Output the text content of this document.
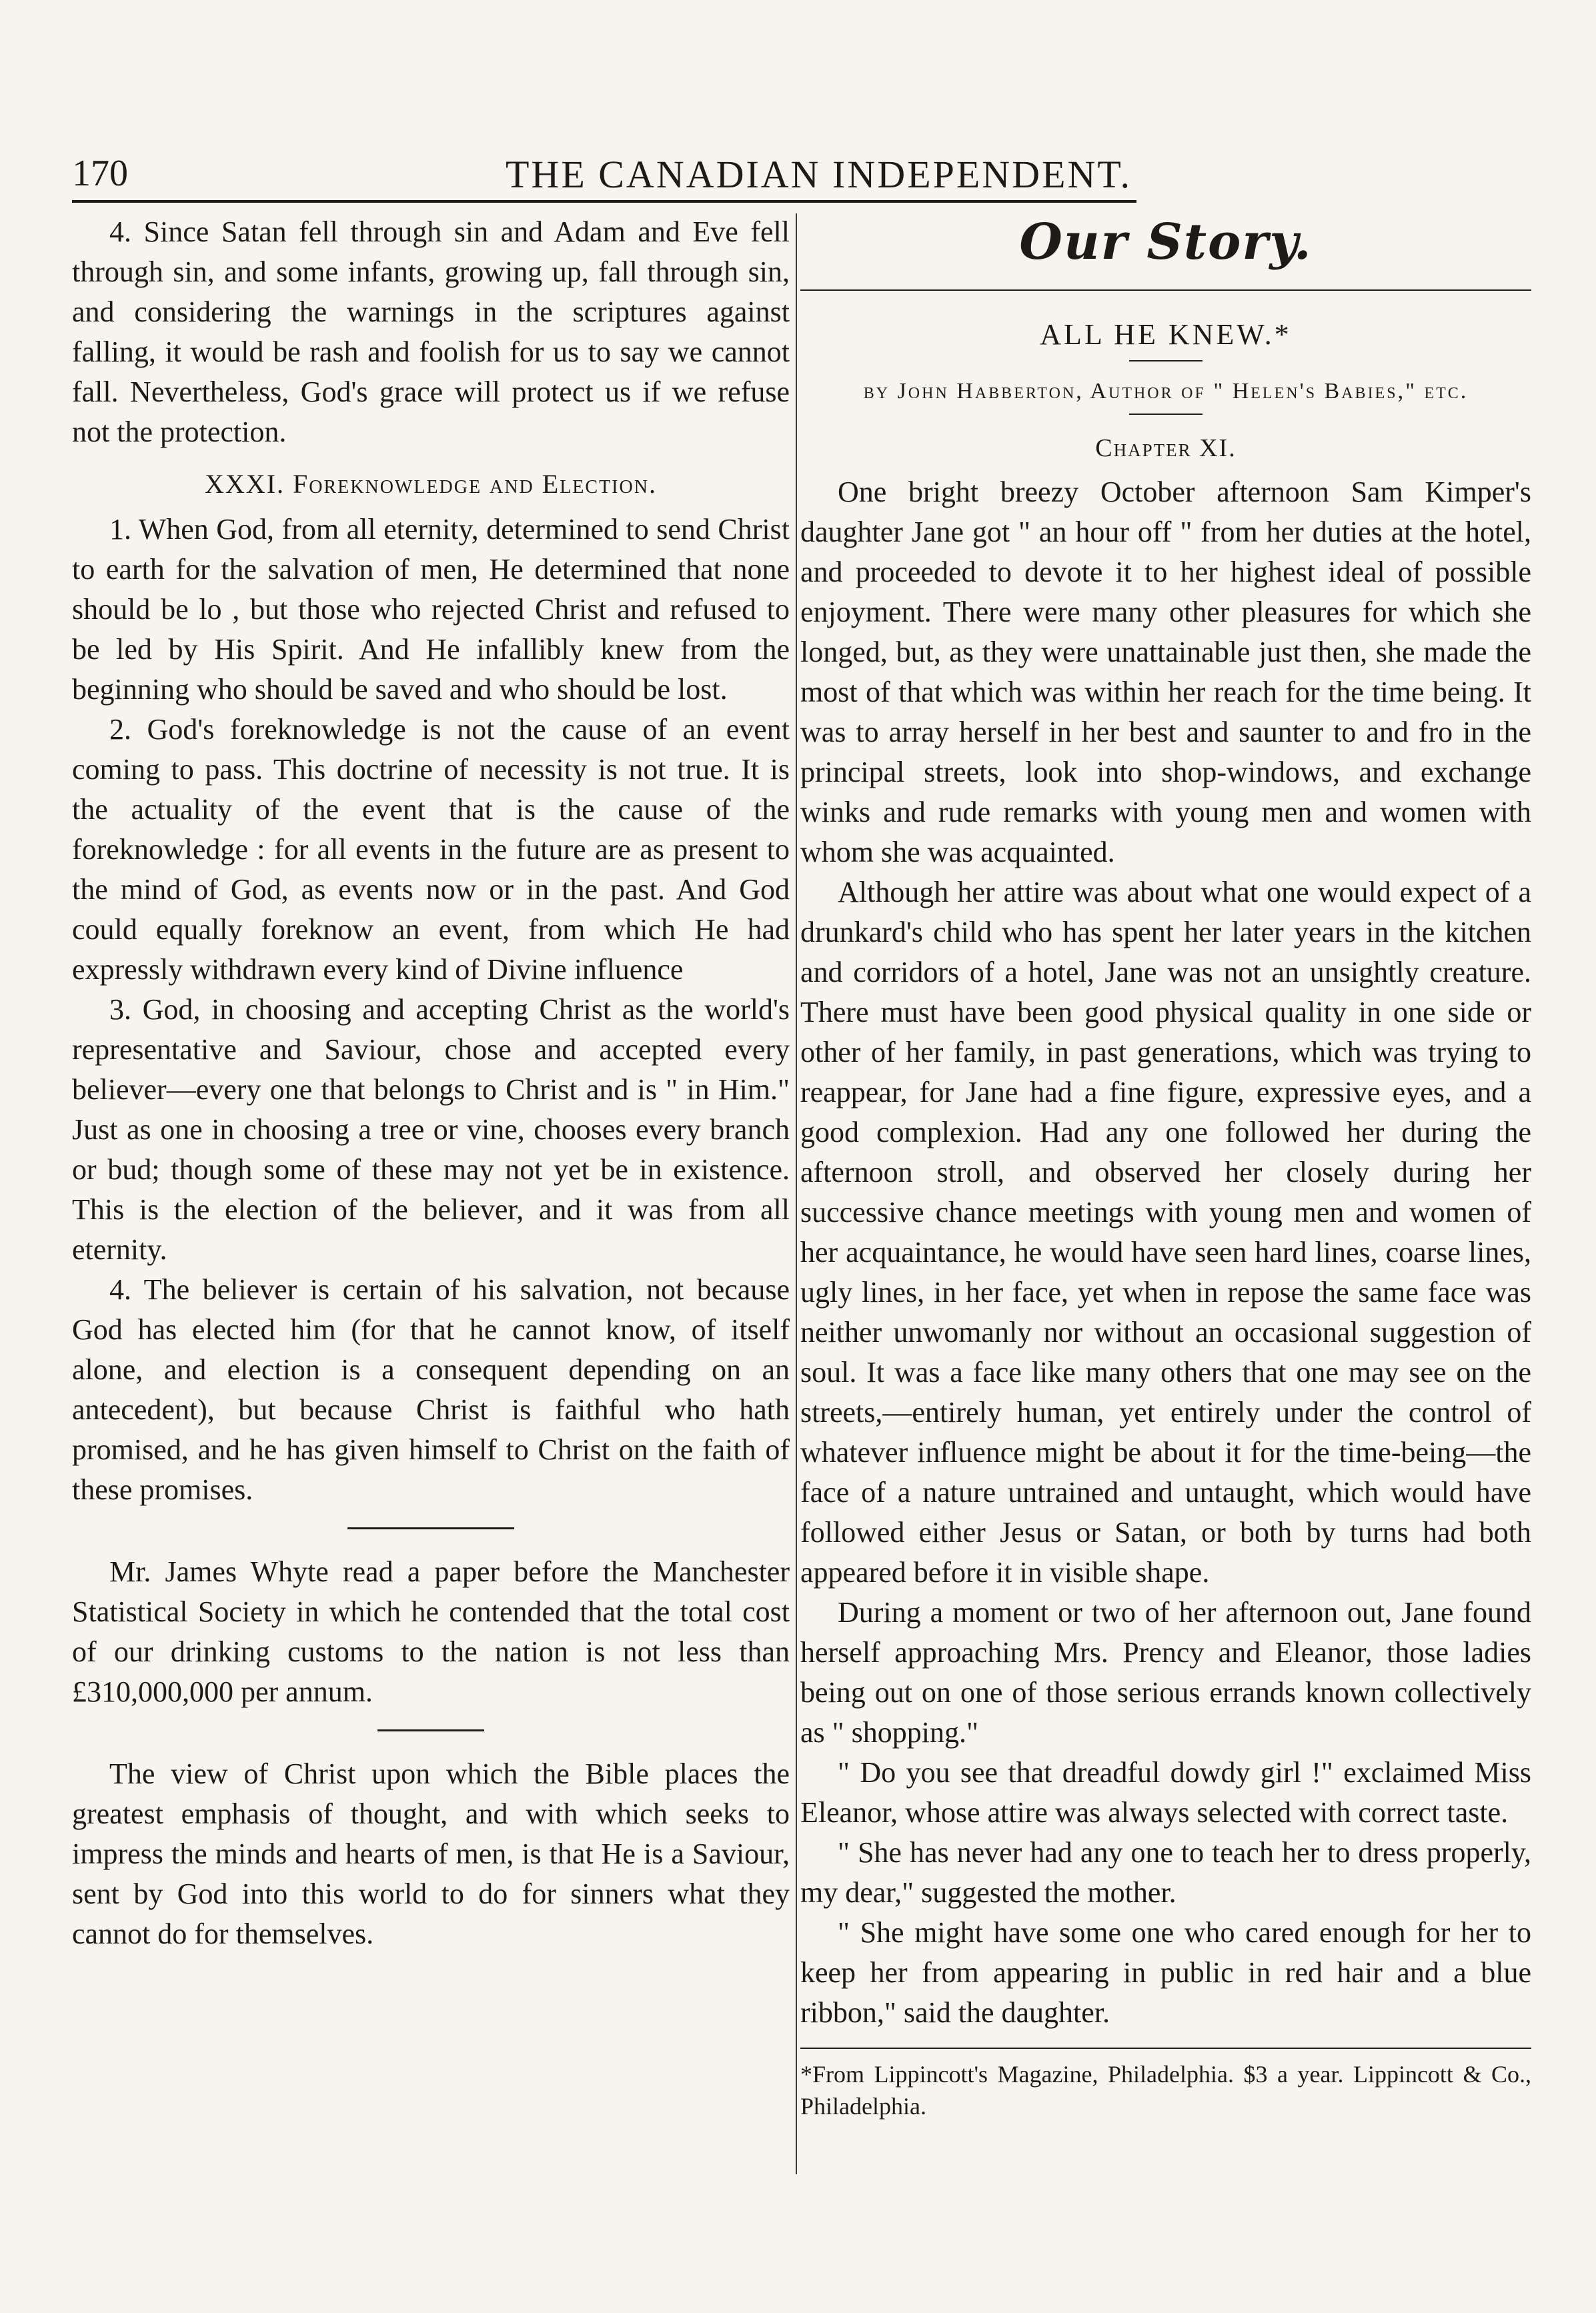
170	THE CANADIAN INDEPENDENT.

4. Since Satan fell through sin and Adam and Eve fell through sin, and some infants, growing up, fall through sin, and considering the warnings in the scriptures against falling, it would be rash and foolish for us to say we cannot fall. Nevertheless, God's grace will protect us if we refuse not the protection.

XXXI. Foreknowledge and Election.

1. When God, from all eternity, determined to send Christ to earth for the salvation of men, He determined that none should be lo , but those who rejected Christ and refused to be led by His Spirit. And He infallibly knew from the beginning who should be saved and who should be lost.

2. God's foreknowledge is not the cause of an event coming to pass. This doctrine of necessity is not true. It is the actuality of the event that is the cause of the foreknowledge : for all events in the future are as present to the mind of God, as events now or in the past. And God could equally foreknow an event, from which He had expressly withdrawn every kind of Divine influence

3. God, in choosing and accepting Christ as the world's representative and Saviour, chose and accepted every believer—every one that belongs to Christ and is " in Him." Just as one in choosing a tree or vine, chooses every branch or bud; though some of these may not yet be in existence. This is the election of the believer, and it was from all eternity.

4. The believer is certain of his salvation, not because God has elected him (for that he cannot know, of itself alone, and election is a consequent depending on an antecedent), but because Christ is faithful who hath promised, and he has given himself to Christ on the faith of these promises.

Mr. James Whyte read a paper before the Manchester Statistical Society in which he contended that the total cost of our drinking customs to the nation is not less than £310,000,000 per annum.

The view of Christ upon which the Bible places the greatest emphasis of thought, and with which seeks to impress the minds and hearts of men, is that He is a Saviour, sent by God into this world to do for sinners what they cannot do for themselves.

Our Story.
ALL HE KNEW.*
by John Habberton, Author of " Helen's Babies," etc.
Chapter XI.

One bright breezy October afternoon Sam Kimper's daughter Jane got " an hour off " from her duties at the hotel, and proceeded to devote it to her highest ideal of possible enjoyment. There were many other pleasures for which she longed, but, as they were unattainable just then, she made the most of that which was within her reach for the time being. It was to array herself in her best and saunter to and fro in the principal streets, look into shop-windows, and exchange winks and rude remarks with young men and women with whom she was acquainted.

Although her attire was about what one would expect of a drunkard's child who has spent her later years in the kitchen and corridors of a hotel, Jane was not an unsightly creature. There must have been good physical quality in one side or other of her family, in past generations, which was trying to reappear, for Jane had a fine figure, expressive eyes, and a good complexion. Had any one followed her during the afternoon stroll, and observed her closely during her successive chance meetings with young men and women of her acquaintance, he would have seen hard lines, coarse lines, ugly lines, in her face, yet when in repose the same face was neither unwomanly nor without an occasional suggestion of soul. It was a face like many others that one may see on the streets,—entirely human, yet entirely under the control of whatever influence might be about it for the time-being—the face of a nature untrained and untaught, which would have followed either Jesus or Satan, or both by turns had both appeared before it in visible shape.

During a moment or two of her afternoon out, Jane found herself approaching Mrs. Prency and Eleanor, those ladies being out on one of those serious errands known collectively as " shopping."

" Do you see that dreadful dowdy girl !" exclaimed Miss Eleanor, whose attire was always selected with correct taste.

" She has never had any one to teach her to dress properly, my dear," suggested the mother.

" She might have some one who cared enough for her to keep her from appearing in public in red hair and a blue ribbon," said the daughter.

*From Lippincott's Magazine, Philadelphia. $3 a year. Lippincott & Co., Philadelphia.
